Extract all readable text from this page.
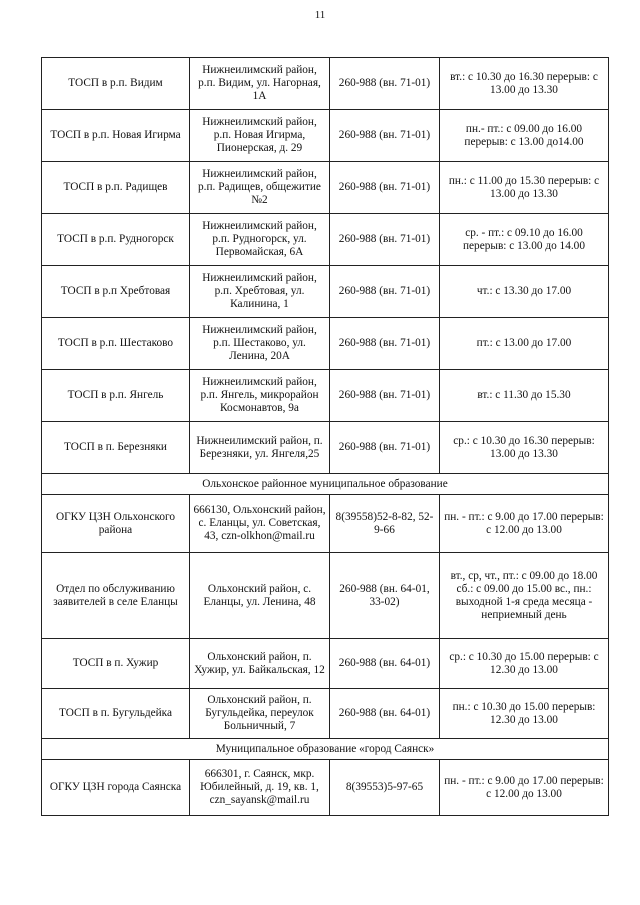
11
ТОСП в р.п. Видим	Нижнеилимский район, р.п. Видим, ул. Нагорная, 1А	260-988 (вн. 71-01)	вт.: с 10.30 до 16.30 перерыв: с 13.00 до 13.30
ТОСП в р.п. Новая Игирма	Нижнеилимский район, р.п. Новая Игирма, Пионерская, д. 29	260-988 (вн. 71-01)	пн.- пт.: с 09.00 до 16.00 перерыв: с 13.00 до14.00
ТОСП в р.п. Радищев	Нижнеилимский район, р.п. Радищев, общежитие №2	260-988 (вн. 71-01)	пн.: с 11.00 до 15.30 перерыв: с 13.00 до 13.30
ТОСП в р.п. Рудногорск	Нижнеилимский район, р.п. Рудногорск, ул. Первомайская, 6А	260-988 (вн. 71-01)	ср. - пт.: с 09.10 до 16.00 перерыв: с 13.00 до 14.00
ТОСП в р.п Хребтовая	Нижнеилимский район, р.п. Хребтовая, ул. Калинина, 1	260-988 (вн. 71-01)	чт.: с 13.30 до 17.00
ТОСП в р.п. Шестаково	Нижнеилимский район, р.п. Шестаково, ул. Ленина, 20А	260-988 (вн. 71-01)	пт.: с 13.00 до 17.00
ТОСП в р.п. Янгель	Нижнеилимский район, р.п. Янгель, микрорайон Космонавтов, 9а	260-988 (вн. 71-01)	вт.: с 11.30 до 15.30
ТОСП в п. Березняки	Нижнеилимский район, п. Березняки, ул. Янгеля,25	260-988 (вн. 71-01)	ср.: с 10.30 до 16.30 перерыв: 13.00 до 13.30
Ольхонское районное муниципальное образование			
ОГКУ ЦЗН Ольхонского района	666130, Ольхонский район, с. Еланцы, ул. Советская, 43, czn-olkhon@mail.ru	8(39558)52-8-82, 52-9-66	пн. - пт.: с 9.00 до 17.00 перерыв: с 12.00 до 13.00
Отдел по обслуживанию заявителей в селе Еланцы	Ольхонский район, с. Еланцы, ул. Ленина, 48	260-988 (вн. 64-01, 33-02)	вт., ср, чт., пт.: с 09.00 до 18.00 сб.: с 09.00 до 15.00 вс., пн.: выходной 1-я среда месяца - неприемный день
ТОСП в п. Хужир	Ольхонский район, п. Хужир, ул. Байкальская, 12	260-988 (вн. 64-01)	ср.: с 10.30 до 15.00 перерыв: с 12.30 до 13.00
ТОСП в п. Бугульдейка	Ольхонский район, п. Бугульдейка, переулок Больничный, 7	260-988 (вн. 64-01)	пн.: с 10.30 до 15.00 перерыв: 12.30 до 13.00
Муниципальное образование «город Саянск»			
ОГКУ ЦЗН города Саянска	666301, г. Саянск, мкр. Юбилейный, д. 19, кв. 1, czn_sayansk@mail.ru	8(39553)5-97-65	пн. - пт.: с 9.00 до 17.00 перерыв: с 12.00 до 13.00
